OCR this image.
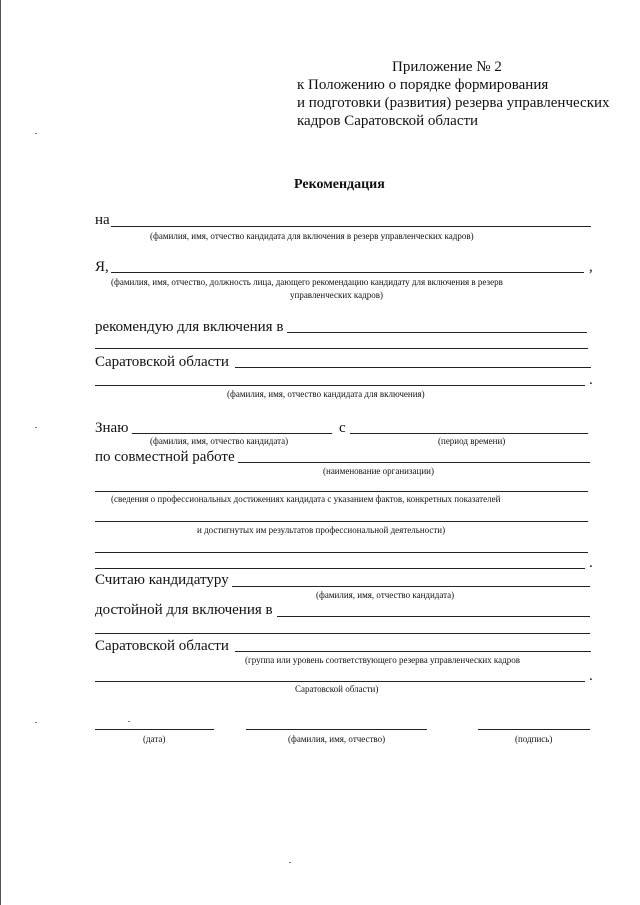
Приложение № 2
к Положению о порядке формирования
и подготовки (развития) резерва управленческих
кадров Саратовской области
Рекомендация
на
(фамилия, имя, отчество кандидата для включения в резерв управленческих кадров)
Я,	,
(фамилия, имя, отчество, должность лица, дающего рекомендацию кандидату для включения в резерв
управленческих кадров)
рекомендую для включения в
Саратовской области
.
(фамилия, имя, отчество кандидата для включения)
Знаю	с
(фамилия, имя, отчество кандидата)	(период времени)
по совместной работе
(наименование организации)
(сведения о профессиональных достижениях кандидата с указанием фактов, конкретных показателей
и достигнутых им результатов профессиональной деятельности)
.
Считаю кандидатуру
(фамилия, имя, отчество кандидата)
достойной для включения в
Саратовской области
(группа или уровень соответствующего резерва управленческих кадров
.
Саратовской области)
(дата)	(фамилия, имя, отчество)	(подпись)
